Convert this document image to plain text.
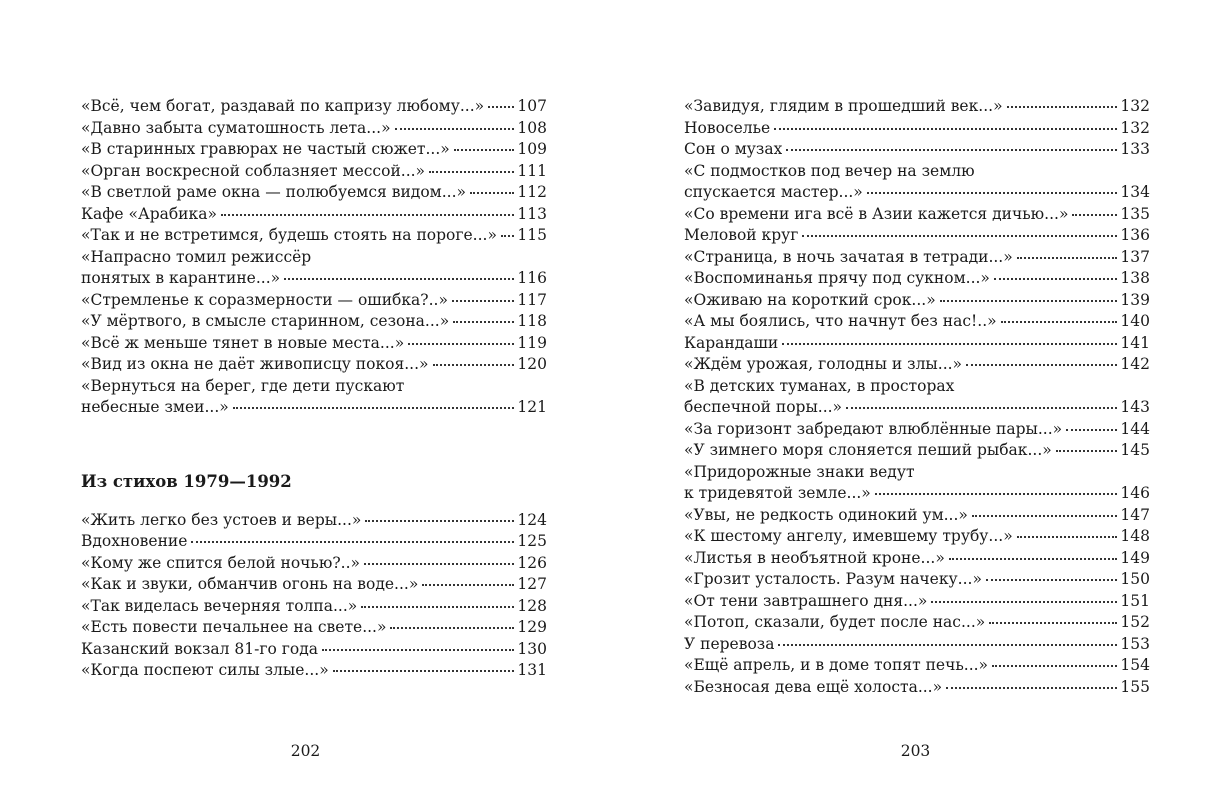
«Всё, чем богат, раздавай по капризу любому...» 107
«Давно забыта суматошность лета...»	108
«В старинных гравюрах не частый сюжет...»	109
«Орган воскресной соблазняет мессой...»	111
«В светлой раме окна — полюбуемся видом...»	112
Кафе «Арабика»	113
«Так и не встретимся, будешь стоять на пороге...» 115
«Напрасно томил режиссёр
понятых в карантине...»	116
«Стремленье к соразмерности — ошибка?..»	117
«У мёртвого, в смысле старинном, сезона...»	118
«Всё ж меньше тянет в новые места...»	119
«Вид из окна не даёт живописцу покоя...»	120
«Вернуться на берег, где дети пускают
небесные змеи...»	121
Из стихов 1979—1992
«Жить легко без устоев и веры...»	124
Вдохновение	125
«Кому же спится белой ночью?..»	126
«Как и звуки, обманчив огонь на воде...»	127
«Так виделась вечерняя толпа...»	128
«Есть повести печальнее на свете...»	129
Казанский вокзал 81-го года	130
«Когда поспеют силы злые...»	131
202
«Завидуя, глядим в прошедший век...»	132
Новоселье	132
Сон о музах	133
«С подмостков под вечер на землю
спускается мастер...»	134
«Со времени ига всё в Азии кажется дичью...»	135
Меловой круг	136
«Страница, в ночь зачатая в тетради...»	137
«Воспоминанья прячу под сукном...»	138
«Оживаю на короткий срок...»	139
«А мы боялись, что начнут без нас!..»	140
Карандаши	141
«Ждём урожая, голодны и злы...»	142
«В детских туманах, в просторах
беспечной поры...»	143
«За горизонт забредают влюблённые пары...»	144
«У зимнего моря слоняется пеший рыбак...»	145
«Придорожные знаки ведут
к тридевятой земле...»	146
«Увы, не редкость одинокий ум...»	147
«К шестому ангелу, имевшему трубу...»	148
«Листья в необъятной кроне...»	149
«Грозит усталость. Разум начеку...»	150
«От тени завтрашнего дня...»	151
«Потоп, сказали, будет после нас...»	152
У перевоза	153
«Ещё апрель, и в доме топят печь...»	154
«Безносая дева ещё холоста...»	155
203
